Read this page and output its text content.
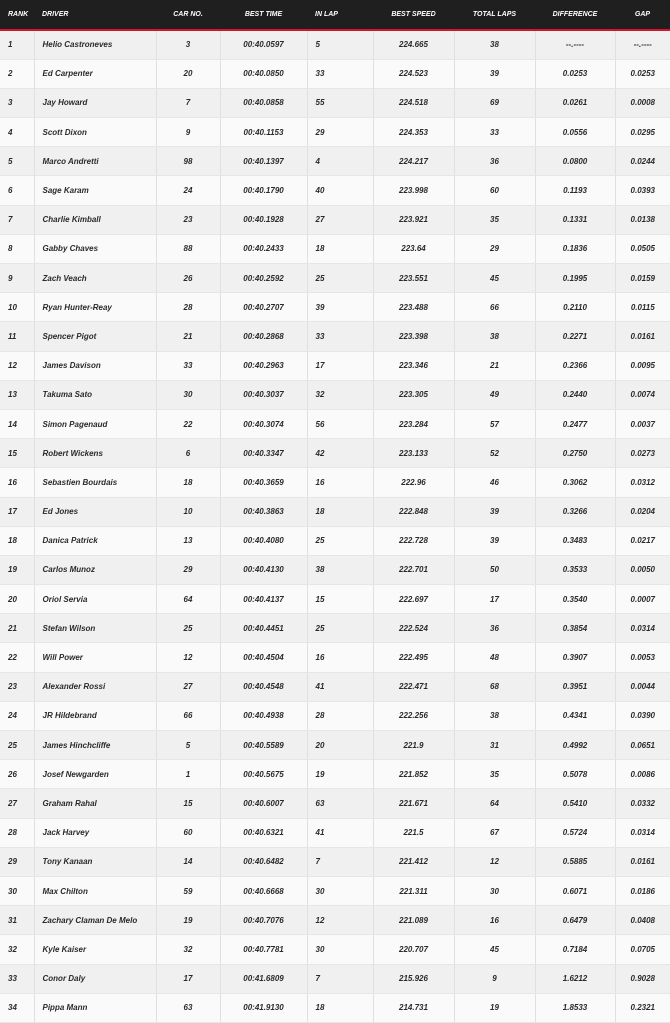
RANK	DRIVER	CAR NO.	BEST TIME	IN LAP	BEST SPEED	TOTAL LAPS	DIFFERENCE	GAP
1	Helio Castroneves	3	00:40.0597	5	224.665	38	--.----	--.----
2	Ed Carpenter	20	00:40.0850	33	224.523	39	0.0253	0.0253
3	Jay Howard	7	00:40.0858	55	224.518	69	0.0261	0.0008
4	Scott Dixon	9	00:40.1153	29	224.353	33	0.0556	0.0295
5	Marco Andretti	98	00:40.1397	4	224.217	36	0.0800	0.0244
6	Sage Karam	24	00:40.1790	40	223.998	60	0.1193	0.0393
7	Charlie Kimball	23	00:40.1928	27	223.921	35	0.1331	0.0138
8	Gabby Chaves	88	00:40.2433	18	223.64	29	0.1836	0.0505
9	Zach Veach	26	00:40.2592	25	223.551	45	0.1995	0.0159
10	Ryan Hunter-Reay	28	00:40.2707	39	223.488	66	0.2110	0.0115
11	Spencer Pigot	21	00:40.2868	33	223.398	38	0.2271	0.0161
12	James Davison	33	00:40.2963	17	223.346	21	0.2366	0.0095
13	Takuma Sato	30	00:40.3037	32	223.305	49	0.2440	0.0074
14	Simon Pagenaud	22	00:40.3074	56	223.284	57	0.2477	0.0037
15	Robert Wickens	6	00:40.3347	42	223.133	52	0.2750	0.0273
16	Sebastien Bourdais	18	00:40.3659	16	222.96	46	0.3062	0.0312
17	Ed Jones	10	00:40.3863	18	222.848	39	0.3266	0.0204
18	Danica Patrick	13	00:40.4080	25	222.728	39	0.3483	0.0217
19	Carlos Munoz	29	00:40.4130	38	222.701	50	0.3533	0.0050
20	Oriol Servia	64	00:40.4137	15	222.697	17	0.3540	0.0007
21	Stefan Wilson	25	00:40.4451	25	222.524	36	0.3854	0.0314
22	Will Power	12	00:40.4504	16	222.495	48	0.3907	0.0053
23	Alexander Rossi	27	00:40.4548	41	222.471	68	0.3951	0.0044
24	JR Hildebrand	66	00:40.4938	28	222.256	38	0.4341	0.0390
25	James Hinchcliffe	5	00:40.5589	20	221.9	31	0.4992	0.0651
26	Josef Newgarden	1	00:40.5675	19	221.852	35	0.5078	0.0086
27	Graham Rahal	15	00:40.6007	63	221.671	64	0.5410	0.0332
28	Jack Harvey	60	00:40.6321	41	221.5	67	0.5724	0.0314
29	Tony Kanaan	14	00:40.6482	7	221.412	12	0.5885	0.0161
30	Max Chilton	59	00:40.6668	30	221.311	30	0.6071	0.0186
31	Zachary Claman De Melo	19	00:40.7076	12	221.089	16	0.6479	0.0408
32	Kyle Kaiser	32	00:40.7781	30	220.707	45	0.7184	0.0705
33	Conor Daly	17	00:41.6809	7	215.926	9	1.6212	0.9028
34	Pippa Mann	63	00:41.9130	18	214.731	19	1.8533	0.2321
